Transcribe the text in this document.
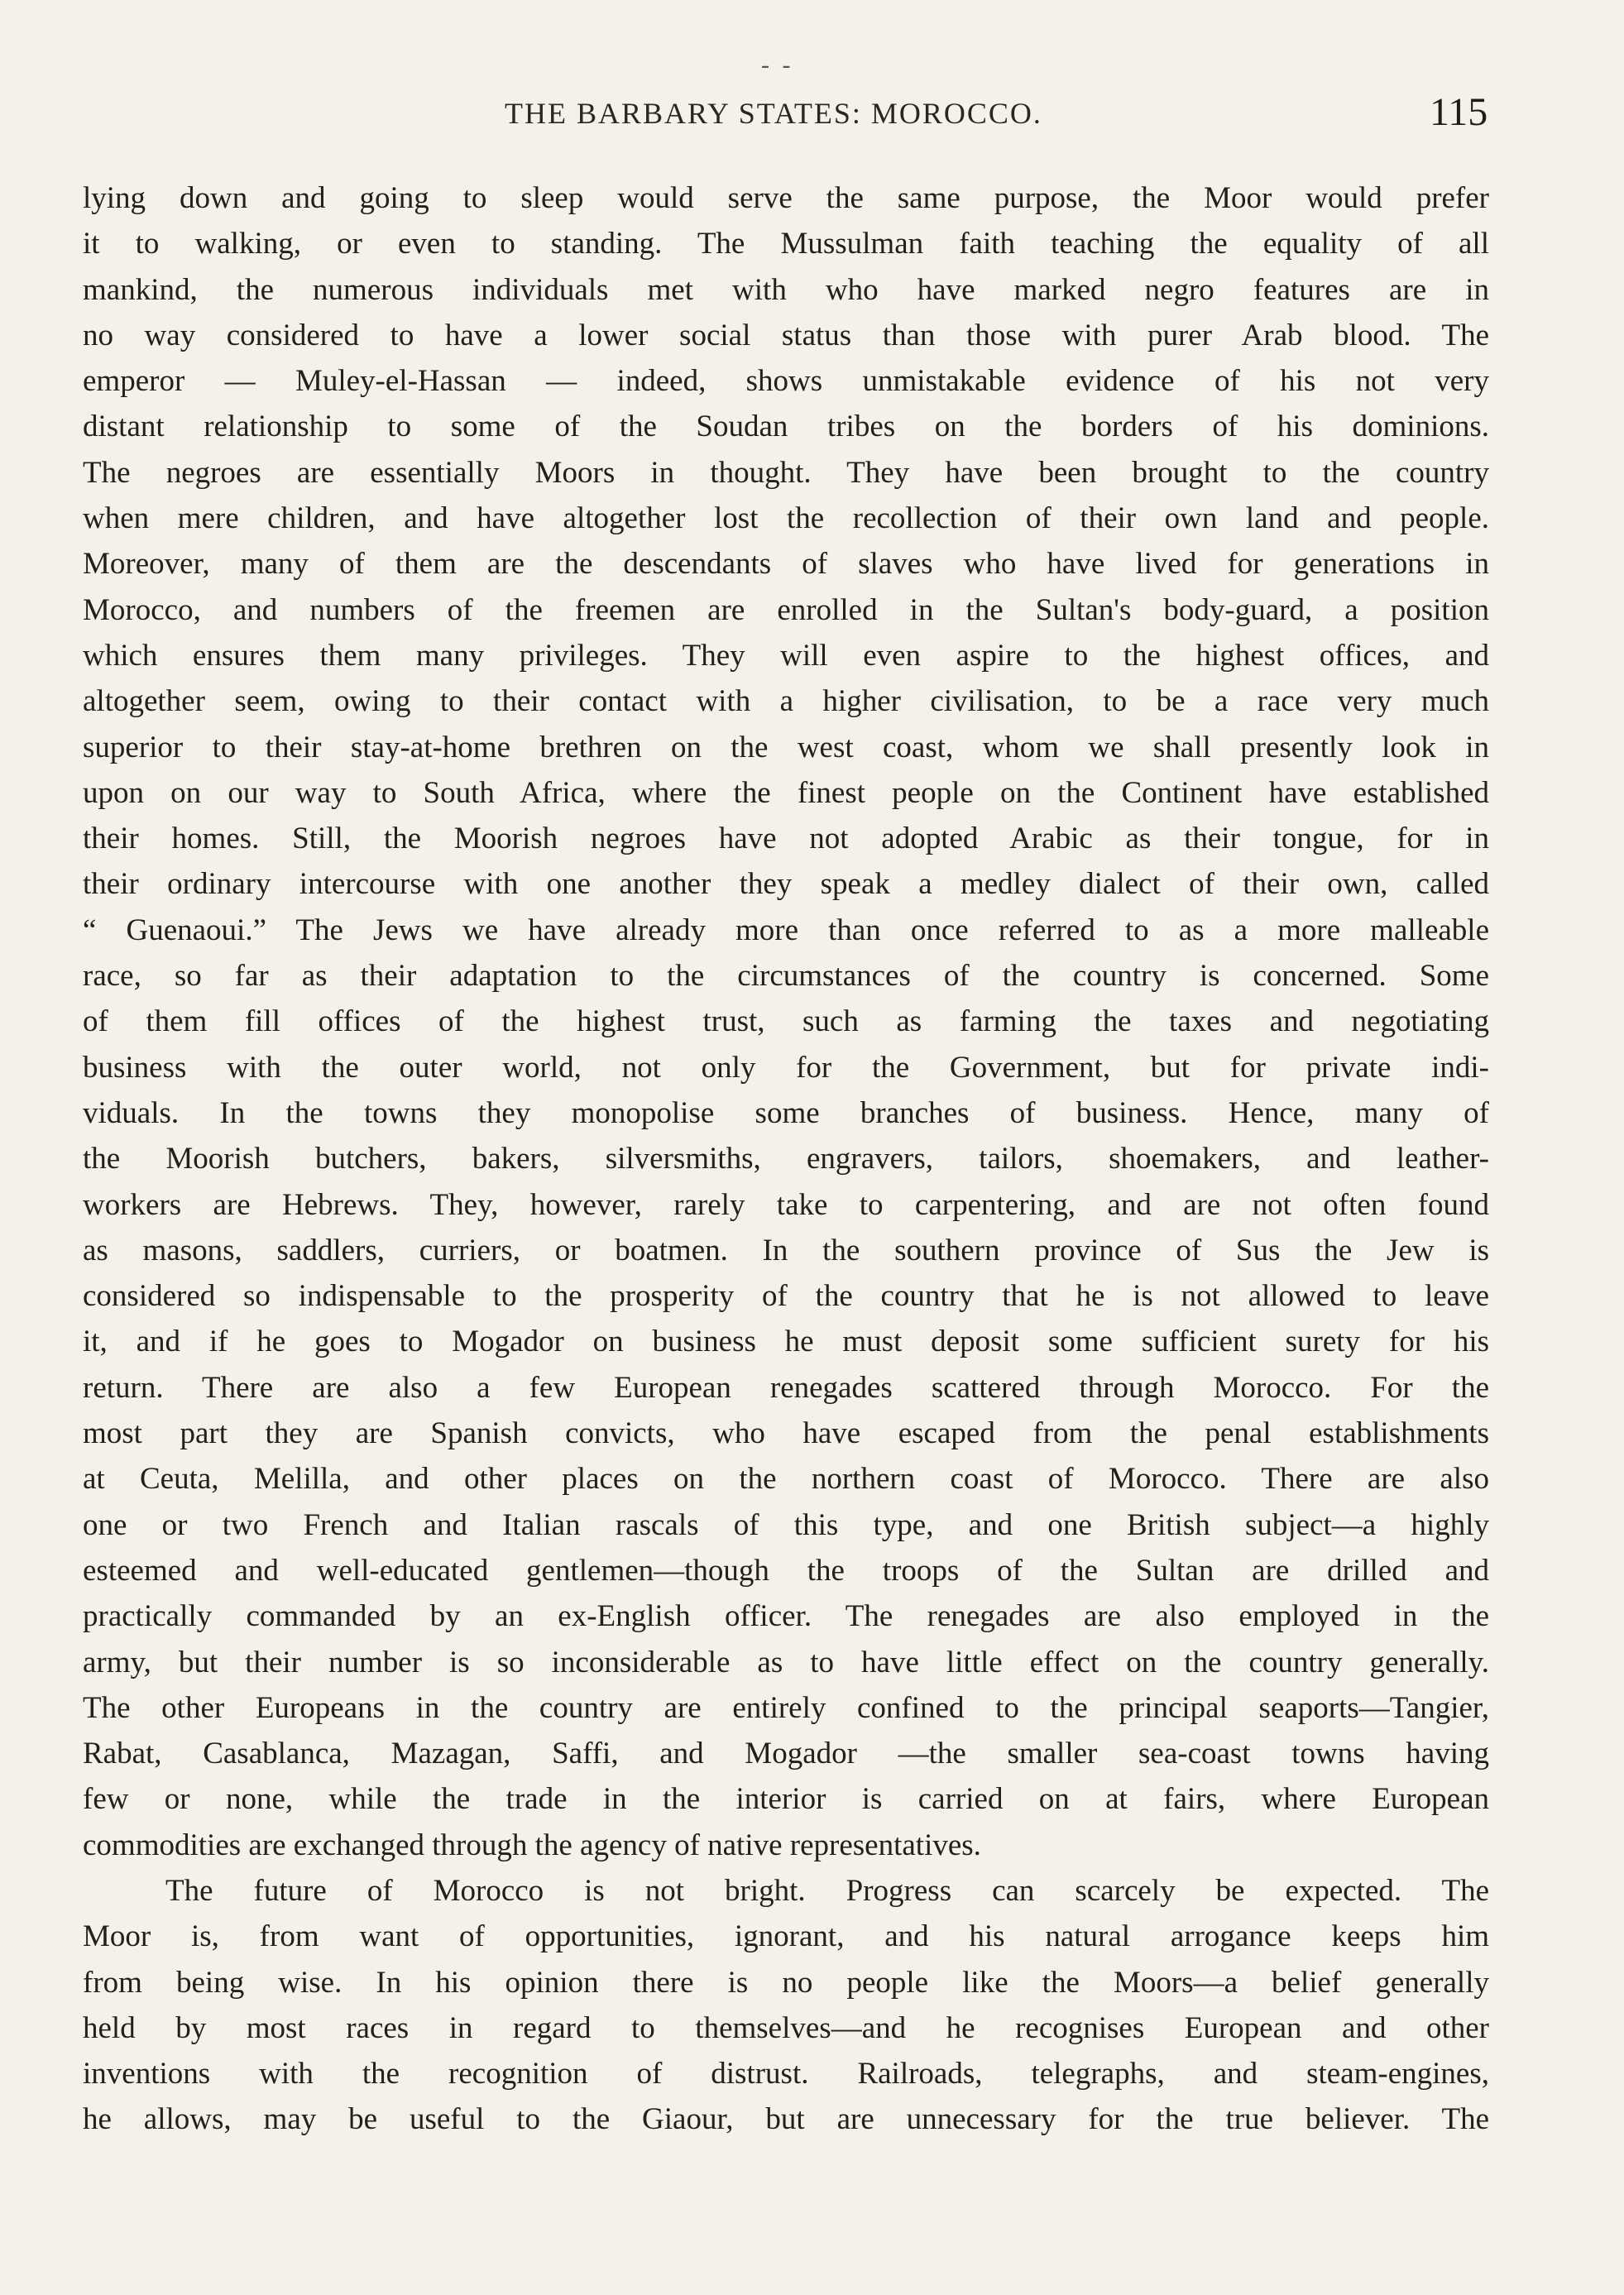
- -
THE BARBARY STATES: MOROCCO.	115
lying down and going to sleep would serve the same purpose, the Moor would prefer
it to walking, or even to standing. The Mussulman faith teaching the equality of all
mankind, the numerous individuals met with who have marked negro features are in
no way considered to have a lower social status than those with purer Arab blood. The
emperor — Muley-el-Hassan — indeed, shows unmistakable evidence of his not very
distant relationship to some of the Soudan tribes on the borders of his dominions.
The negroes are essentially Moors in thought. They have been brought to the country
when mere children, and have altogether lost the recollection of their own land and people.
Moreover, many of them are the descendants of slaves who have lived for generations in
Morocco, and numbers of the freemen are enrolled in the Sultan's body-guard, a position
which ensures them many privileges. They will even aspire to the highest offices, and
altogether seem, owing to their contact with a higher civilisation, to be a race very much
superior to their stay-at-home brethren on the west coast, whom we shall presently look in
upon on our way to South Africa, where the finest people on the Continent have established
their homes. Still, the Moorish negroes have not adopted Arabic as their tongue, for in
their ordinary intercourse with one another they speak a medley dialect of their own, called
“ Guenaoui.” The Jews we have already more than once referred to as a more malleable
race, so far as their adaptation to the circumstances of the country is concerned. Some
of them fill offices of the highest trust, such as farming the taxes and negotiating
business with the outer world, not only for the Government, but for private indi-
viduals. In the towns they monopolise some branches of business. Hence, many of
the Moorish butchers, bakers, silversmiths, engravers, tailors, shoemakers, and leather-
workers are Hebrews. They, however, rarely take to carpentering, and are not often found
as masons, saddlers, curriers, or boatmen. In the southern province of Sus the Jew is
considered so indispensable to the prosperity of the country that he is not allowed to leave
it, and if he goes to Mogador on business he must deposit some sufficient surety for his
return. There are also a few European renegades scattered through Morocco. For the
most part they are Spanish convicts, who have escaped from the penal establishments
at Ceuta, Melilla, and other places on the northern coast of Morocco. There are also
one or two French and Italian rascals of this type, and one British subject—a highly
esteemed and well-educated gentlemen—though the troops of the Sultan are drilled and
practically commanded by an ex-English officer. The renegades are also employed in the
army, but their number is so inconsiderable as to have little effect on the country generally.
The other Europeans in the country are entirely confined to the principal seaports—Tangier,
Rabat, Casablanca, Mazagan, Saffi, and Mogador —the smaller sea-coast towns having
few or none, while the trade in the interior is carried on at fairs, where European
commodities are exchanged through the agency of native representatives.
The future of Morocco is not bright. Progress can scarcely be expected. The
Moor is, from want of opportunities, ignorant, and his natural arrogance keeps him
from being wise. In his opinion there is no people like the Moors—a belief generally
held by most races in regard to themselves—and he recognises European and other
inventions with the recognition of distrust. Railroads, telegraphs, and steam-engines,
he allows, may be useful to the Giaour, but are unnecessary for the true believer. The
